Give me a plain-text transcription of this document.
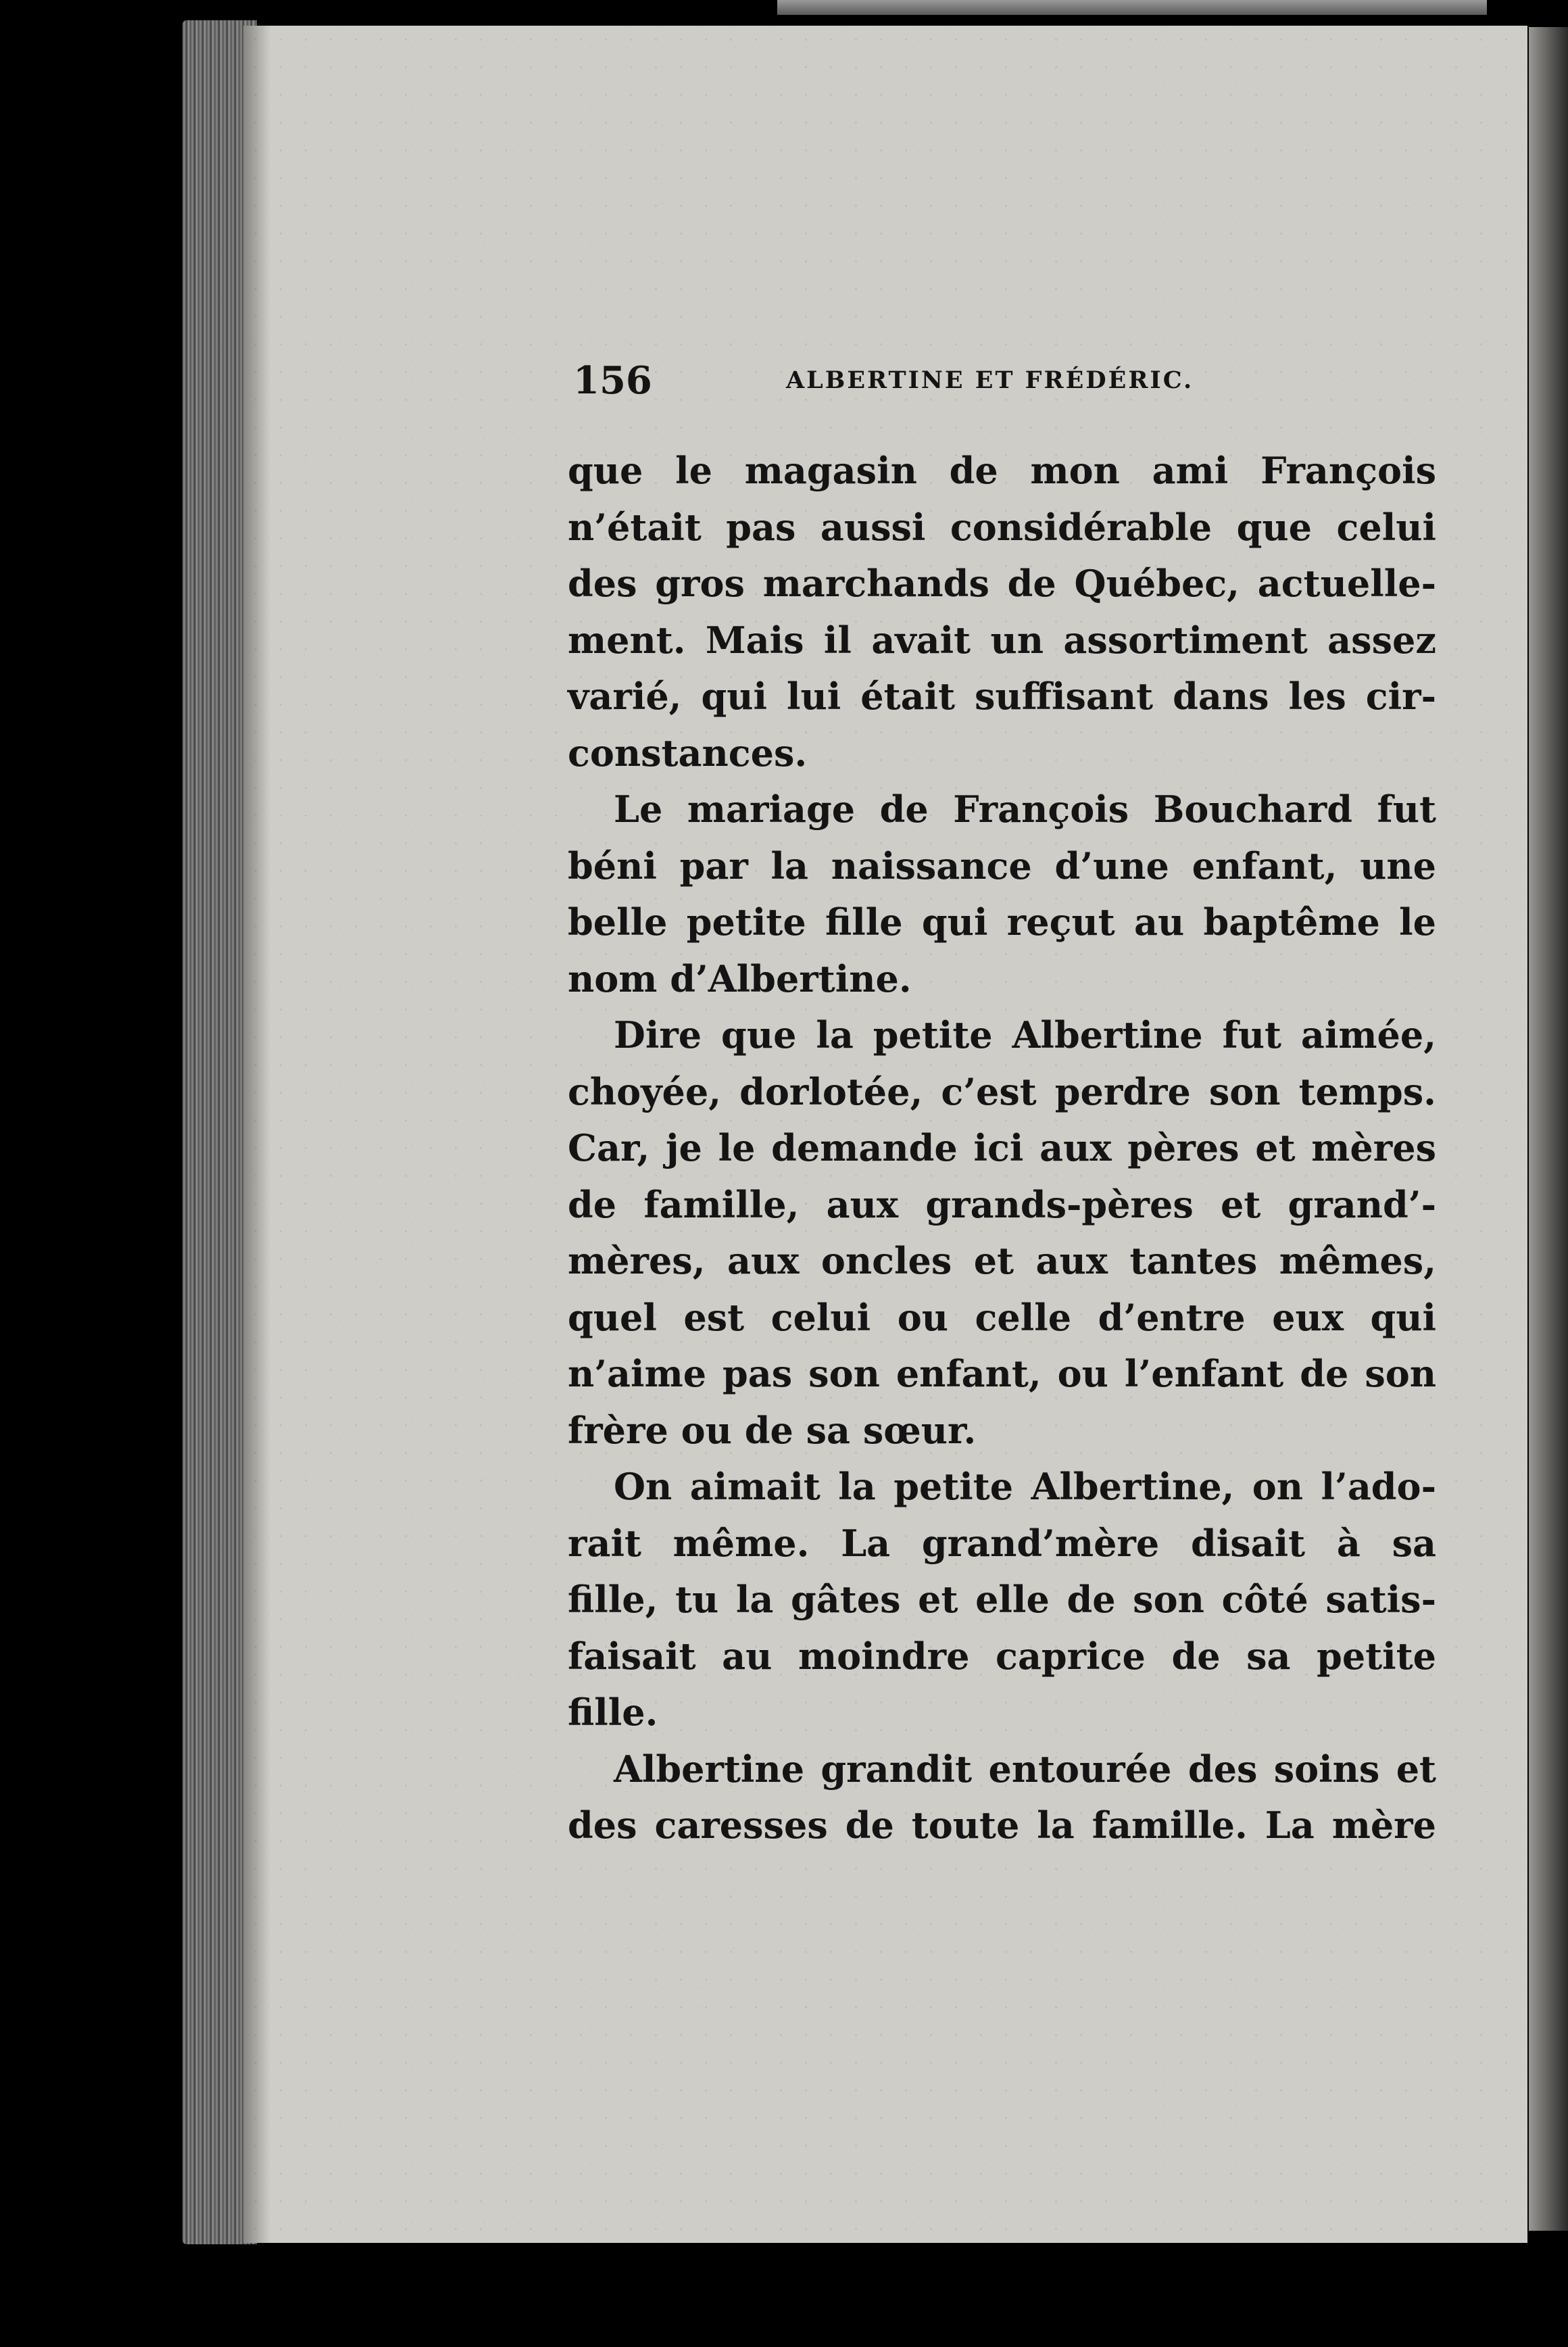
156	ALBERTINE ET FRÉDÉRIC.
que le magasin de mon ami François
n’était pas aussi considérable que celui
des gros marchands de Québec, actuelle-
ment. Mais il avait un assortiment assez
varié, qui lui était suffisant dans les cir-
constances.
Le mariage de François Bouchard fut
béni par la naissance d’une enfant, une
belle petite fille qui reçut au baptême le
nom d’Albertine.
Dire que la petite Albertine fut aimée,
choyée, dorlotée, c’est perdre son temps.
Car, je le demande ici aux pères et mères
de famille, aux grands-pères et grand’-
mères, aux oncles et aux tantes mêmes,
quel est celui ou celle d’entre eux qui
n’aime pas son enfant, ou l’enfant de son
frère ou de sa sœur.
On aimait la petite Albertine, on l’ado-
rait même. La grand’mère disait à sa
fille, tu la gâtes et elle de son côté satis-
faisait au moindre caprice de sa petite
fille.
Albertine grandit entourée des soins et
des caresses de toute la famille. La mère
